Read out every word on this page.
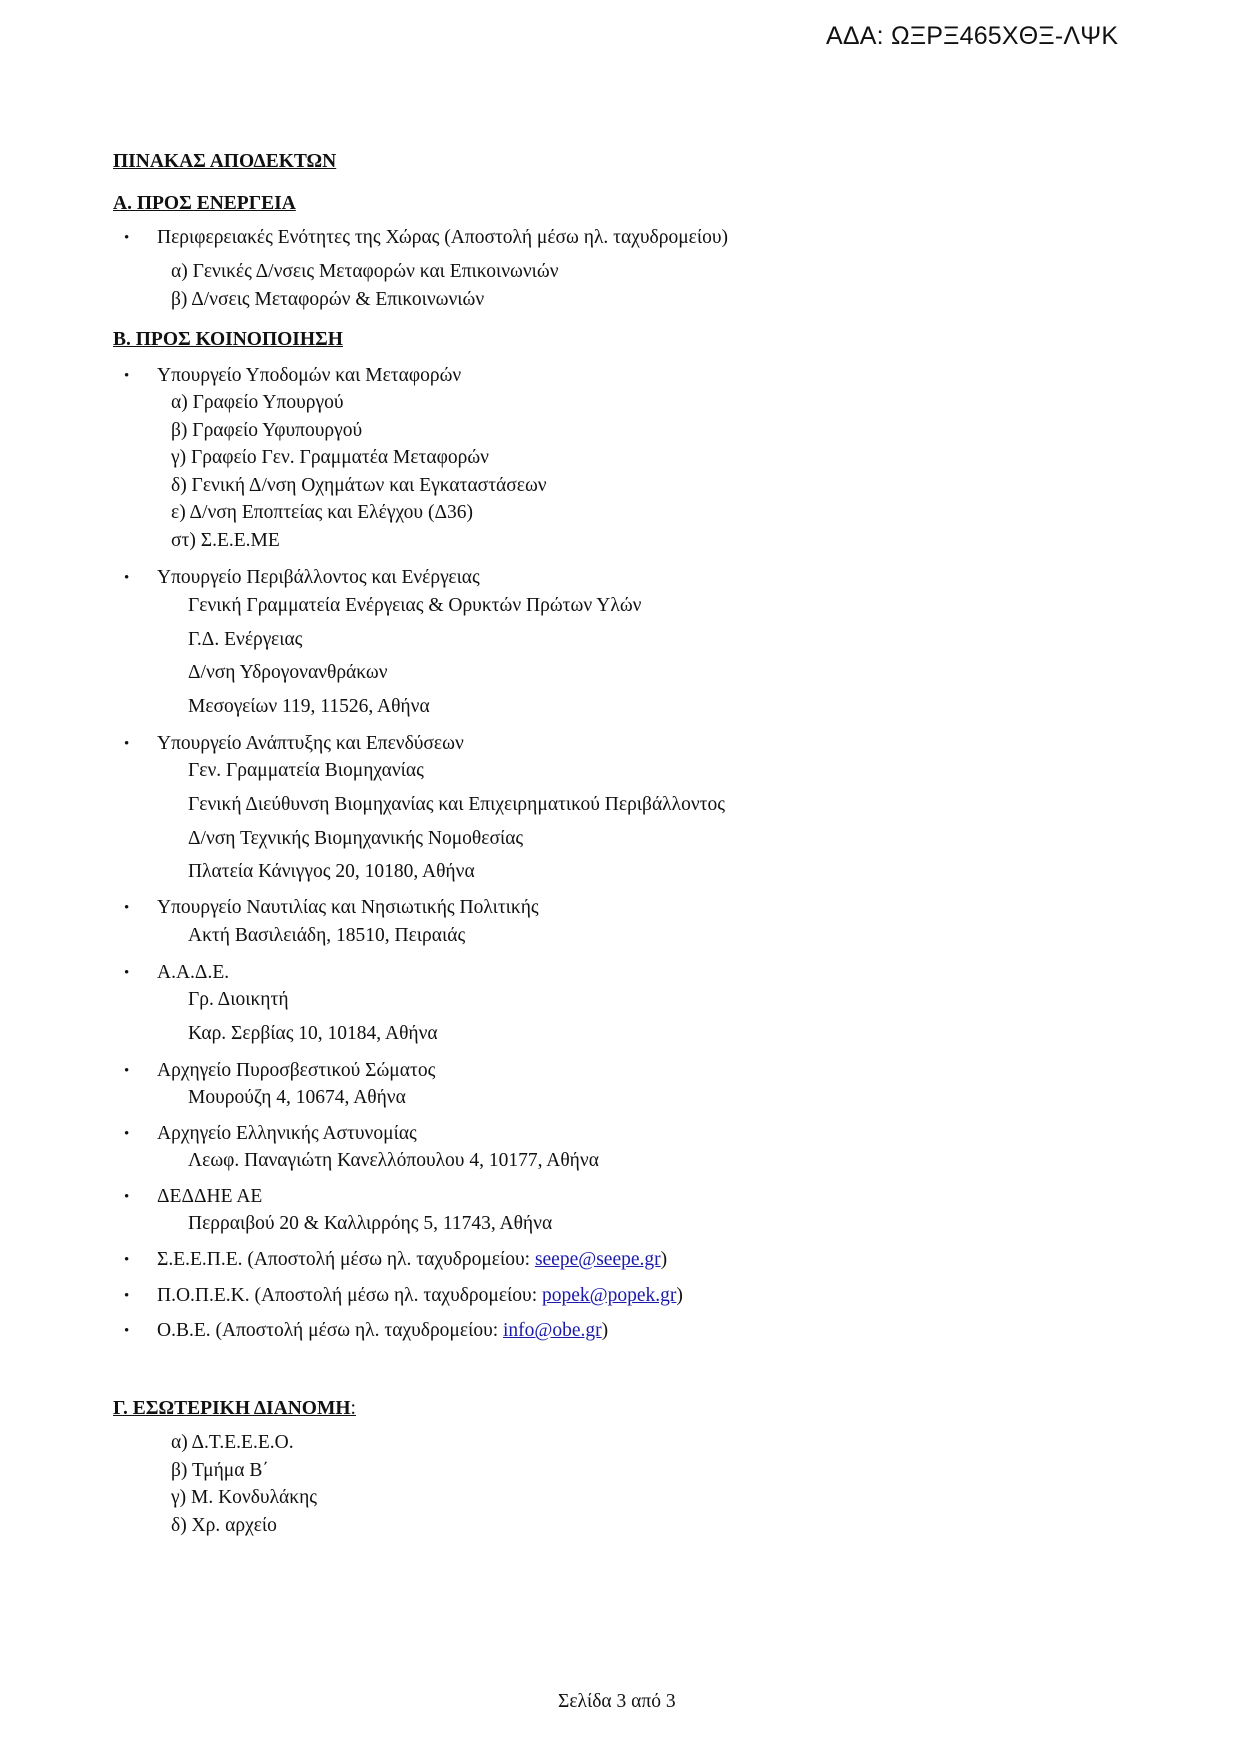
ΑΔΑ: ΩΞΡΞ465ΧΘΞ-ΛΨΚ
ΠΙΝΑΚΑΣ ΑΠΟΔΕΚΤΩΝ
Α. ΠΡΟΣ ΕΝΕΡΓΕΙΑ
• Περιφερειακές Ενότητες της Χώρας (Αποστολή μέσω ηλ. ταχυδρομείου)
α) Γενικές Δ/νσεις Μεταφορών και Επικοινωνιών
β) Δ/νσεις Μεταφορών & Επικοινωνιών
Β. ΠΡΟΣ ΚΟΙΝΟΠΟΙΗΣΗ
• Υπουργείο Υποδομών και Μεταφορών
α) Γραφείο Υπουργού
β) Γραφείο Υφυπουργού
γ) Γραφείο Γεν. Γραμματέα Μεταφορών
δ) Γενική Δ/νση Οχημάτων και Εγκαταστάσεων
ε) Δ/νση Εποπτείας και Ελέγχου (Δ36)
στ) Σ.Ε.Ε.ΜΕ
• Υπουργείο Περιβάλλοντος και Ενέργειας
Γενική Γραμματεία Ενέργειας & Ορυκτών Πρώτων Υλών
Γ.Δ. Ενέργειας
Δ/νση Υδρογονανθράκων
Μεσογείων 119, 11526, Αθήνα
• Υπουργείο Ανάπτυξης και Επενδύσεων
Γεν. Γραμματεία Βιομηχανίας
Γενική Διεύθυνση Βιομηχανίας και Επιχειρηματικού Περιβάλλοντος
Δ/νση Τεχνικής Βιομηχανικής Νομοθεσίας
Πλατεία Κάνιγγος 20, 10180, Αθήνα
• Υπουργείο Ναυτιλίας και Νησιωτικής Πολιτικής
Ακτή Βασιλειάδη, 18510, Πειραιάς
• Α.Α.Δ.Ε.
Γρ. Διοικητή
Καρ. Σερβίας 10, 10184, Αθήνα
• Αρχηγείο Πυροσβεστικού Σώματος
Μουρούζη 4, 10674, Αθήνα
• Αρχηγείο Ελληνικής Αστυνομίας
Λεωφ. Παναγιώτη Κανελλόπουλου 4, 10177, Αθήνα
• ΔΕΔΔΗΕ ΑΕ
Περραιβού 20 & Καλλιρρόης 5, 11743, Αθήνα
• Σ.Ε.Ε.Π.Ε. (Αποστολή μέσω ηλ. ταχυδρομείου: seepe@seepe.gr)
• Π.Ο.Π.Ε.Κ. (Αποστολή μέσω ηλ. ταχυδρομείου: popek@popek.gr)
• Ο.Β.Ε. (Αποστολή μέσω ηλ. ταχυδρομείου: info@obe.gr)
Γ. ΕΣΩΤΕΡΙΚΗ ΔΙΑΝΟΜΗ:
α) Δ.Τ.Ε.Ε.Ε.Ο.
β) Τμήμα Β΄
γ) Μ. Κονδυλάκης
δ) Χρ. αρχείο
Σελίδα 3 από 3
